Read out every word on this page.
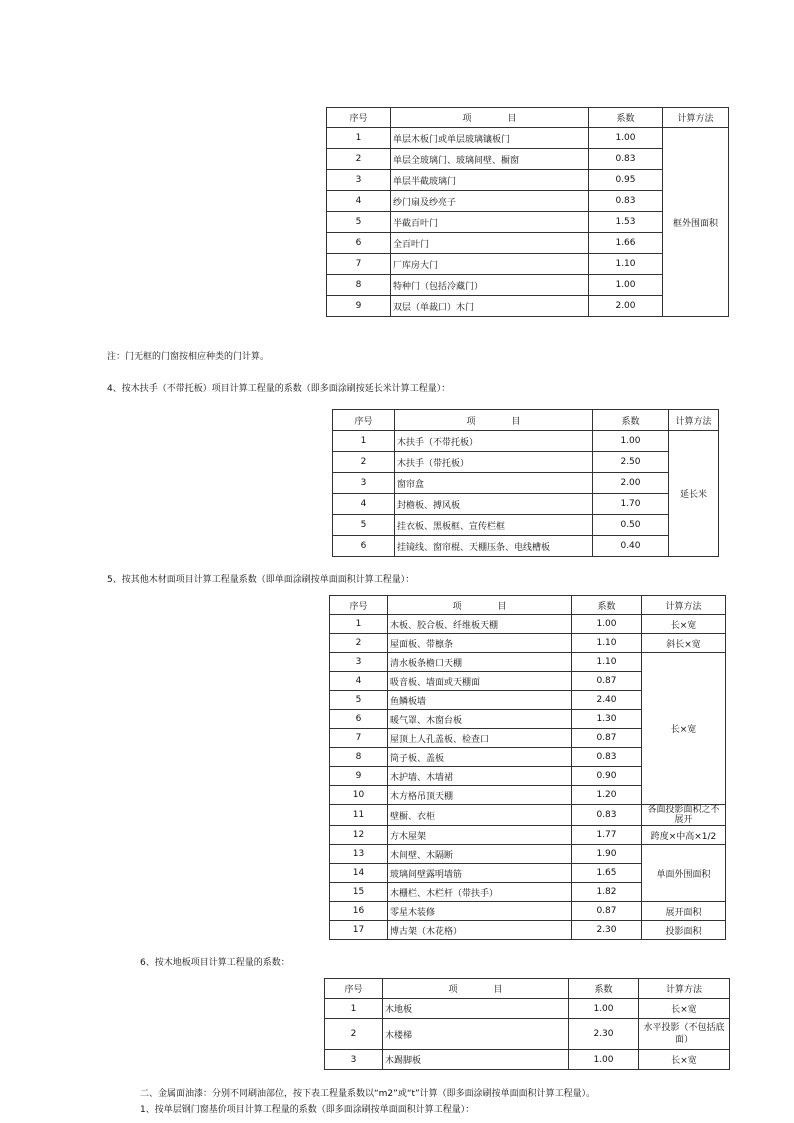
序号	项　　　　目	系数	计算方法
1	单层木板门或单层玻璃镶板门	1.00	框外围面积
2	单层全玻璃门、玻璃间壁、橱窗	0.83	
3	单层半截玻璃门	0.95	
4	纱门扇及纱亮子	0.83	
5	半截百叶门	1.53	
6	全百叶门	1.66	
7	厂库房大门	1.10	
8	特种门（包括冷藏门）	1.00	
9	双层（单裁口）木门	2.00	
注：门无框的门窗按相应种类的门计算。
4、按木扶手（不带托板）项目计算工程量的系数（即多面涂刷按延长米计算工程量）：
序号	项　　　　目	系数	计算方法
1	木扶手（不带托板）	1.00	延长米
2	木扶手（带托板）	2.50	
3	窗帘盒	2.00	
4	封檐板、搏风板	1.70	
5	挂衣板、黑板框、宣传栏框	0.50	
6	挂镜线、窗帘棍、天棚压条、电线槽板	0.40	
5、按其他木材面项目计算工程量系数（即单面涂刷按单面面积计算工程量）：
序号	项　　　　目	系数	计算方法
1	木板、胶合板、纤维板天棚	1.00	长×宽
2	屋面板、带檩条	1.10	斜长×宽
3	清水板条檐口天棚	1.10	长×宽
4	吸音板、墙面或天棚面	0.87	
5	鱼鳞板墙	2.40	
6	暖气罩、木窗台板	1.30	
7	屋顶上人孔盖板、检查口	0.87	
8	筒子板、盖板	0.83	
9	木护墙、木墙裙	0.90	
10	木方格吊顶天棚	1.20	
11	壁橱、衣柜	0.83	各面投影面积之不展开
12	方木屋架	1.77	跨度×中高×1/2
13	木间壁、木隔断	1.90	单面外围面积
14	玻璃间壁露明墙筋	1.65	
15	木栅栏、木栏杆（带扶手）	1.82	
16	零星木装修	0.87	展开面积
17	博古架（木花格）	2.30	投影面积
6、按木地板项目计算工程量的系数：
序号	项　　　　目	系数	计算方法
1	木地板	1.00	长×宽
2	木楼梯	2.30	水平投影（不包括底面）
3	木踢脚板	1.00	长×宽
二、金属面油漆：分别不同刷油部位，按下表工程量系数以“m2”或“t”计算（即多面涂刷按单面面积计算工程量）。
1、按单层钢门窗基价项目计算工程量的系数（即多面涂刷按单面面积计算工程量）：
